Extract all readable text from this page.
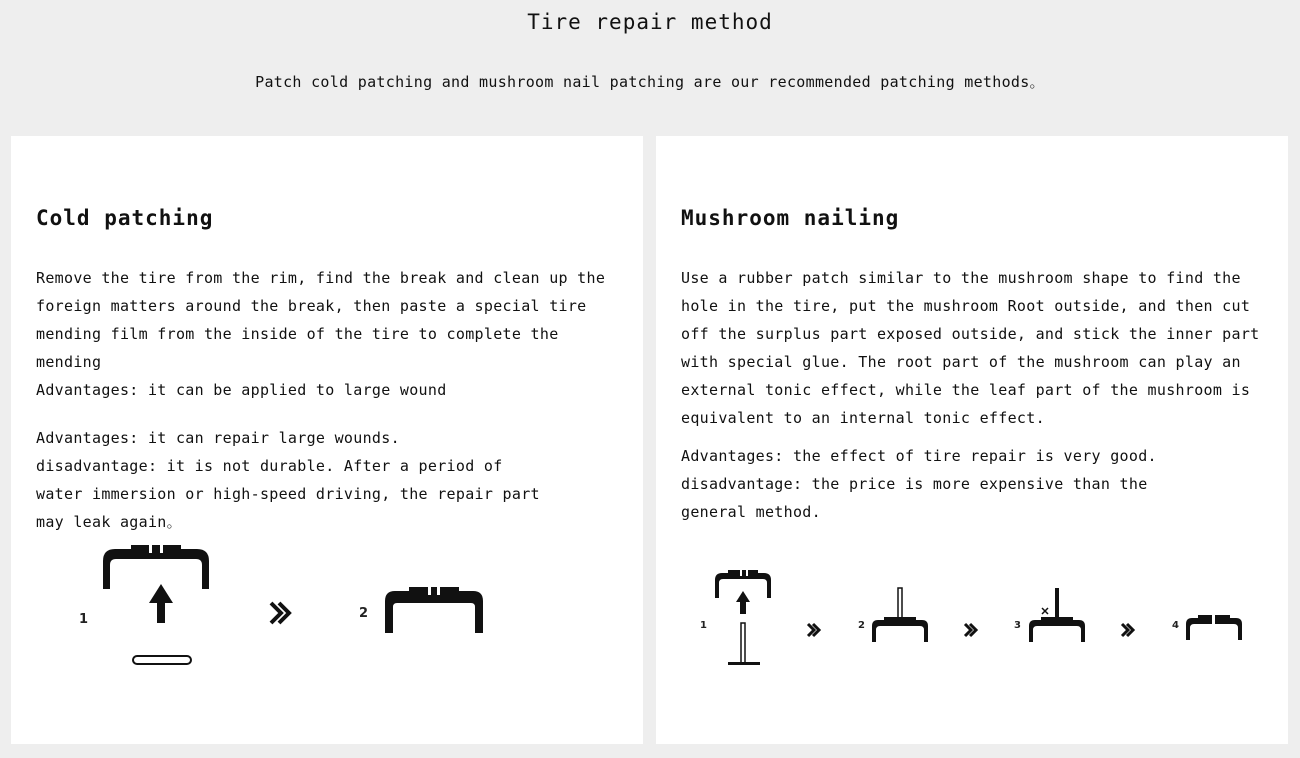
Tire repair method
Patch cold patching and mushroom nail patching are our recommended patching methods。
Cold patching

Remove the tire from the rim, find the break and clean up the foreign matters around the break, then paste a special tire mending film from the inside of the tire to complete the mending
Advantages: it can be applied to large wound

Advantages: it can repair large wounds.

disadvantage: it is not durable. After a period of water immersion or high-speed driving, the repair part may leak again。

1	2
Mushroom nailing

Use a rubber patch similar to the mushroom shape to find the hole in the tire, put the mushroom Root outside, and then cut off the surplus part exposed outside, and stick the inner part with special glue. The root part of the mushroom can play an external tonic effect, while the leaf part of the mushroom is equivalent to an internal tonic effect.

Advantages: the effect of tire repair is very good.

disadvantage: the price is more expensive than the general method.

1	2	3	4
